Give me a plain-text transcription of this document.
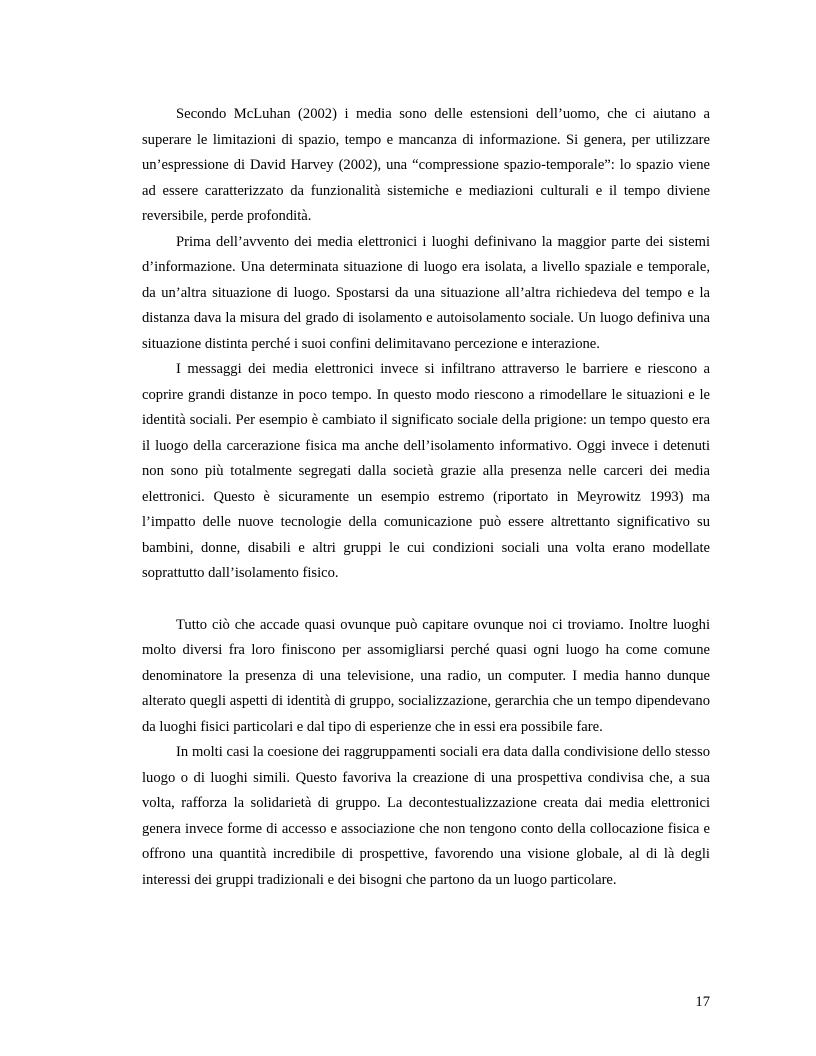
Secondo McLuhan (2002) i media sono delle estensioni dell’uomo, che ci aiutano a superare le limitazioni di spazio, tempo e mancanza di informazione. Si genera, per utilizzare un’espressione di David Harvey (2002), una “compressione spazio-temporale”: lo spazio viene ad essere caratterizzato da funzionalità sistemiche e mediazioni culturali e il tempo diviene reversibile, perde profondità.

Prima dell’avvento dei media elettronici i luoghi definivano la maggior parte dei sistemi d’informazione. Una determinata situazione di luogo era isolata, a livello spaziale e temporale, da un’altra situazione di luogo. Spostarsi da una situazione all’altra richiedeva del tempo e la distanza dava la misura del grado di isolamento e autoisolamento sociale. Un luogo definiva una situazione distinta perché i suoi confini delimitavano percezione e interazione.

I messaggi dei media elettronici invece si infiltrano attraverso le barriere e riescono a coprire grandi distanze in poco tempo. In questo modo riescono a rimodellare le situazioni e le identità sociali. Per esempio è cambiato il significato sociale della prigione: un tempo questo era il luogo della carcerazione fisica ma anche dell’isolamento informativo. Oggi invece i detenuti non sono più totalmente segregati dalla società grazie alla presenza nelle carceri dei media elettronici. Questo è sicuramente un esempio estremo (riportato in Meyrowitz 1993) ma l’impatto delle nuove tecnologie della comunicazione può essere altrettanto significativo su bambini, donne, disabili e altri gruppi le cui condizioni sociali una volta erano modellate soprattutto dall’isolamento fisico.

Tutto ciò che accade quasi ovunque può capitare ovunque noi ci troviamo. Inoltre luoghi molto diversi fra loro finiscono per assomigliarsi perché quasi ogni luogo ha come comune denominatore la presenza di una televisione, una radio, un computer. I media hanno dunque alterato quegli aspetti di identità di gruppo, socializzazione, gerarchia che un tempo dipendevano da luoghi fisici particolari e dal tipo di esperienze che in essi era possibile fare.

In molti casi la coesione dei raggruppamenti sociali era data dalla condivisione dello stesso luogo o di luoghi simili. Questo favoriva la creazione di una prospettiva condivisa che, a sua volta, rafforza la solidarietà di gruppo. La decontestualizzazione creata dai media elettronici genera invece forme di accesso e associazione che non tengono conto della collocazione fisica e offrono una quantità incredibile di prospettive, favorendo una visione globale, al di là degli interessi dei gruppi tradizionali e dei bisogni che partono da un luogo particolare.

17
